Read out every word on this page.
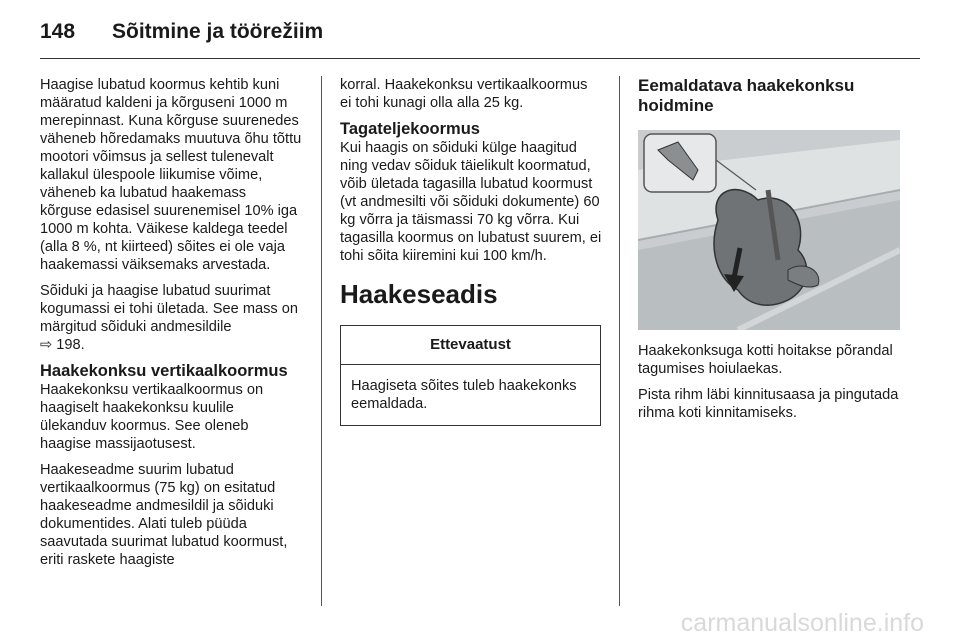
148 Sõitmine ja töörežiim

Haagise lubatud koormus kehtib kuni määratud kaldeni ja kõrguseni 1000 m merepinnast. Kuna kõrguse suurenedes väheneb hõredamaks muutuva õhu tõttu mootori võimsus ja sellest tulenevalt kallakul ülespoole liikumise võime, väheneb ka lubatud haakemass kõrguse edasisel suurenemisel 10% iga 1000 m kohta. Väikese kaldega teedel (alla 8 %, nt kiirteed) sõites ei ole vaja haakemassi väiksemaks arvestada.

Sõiduki ja haagise lubatud suurimat kogumassi ei tohi ületada. See mass on märgitud sõiduki andmesildile
⇨ 198.

Haakekonksu vertikaalkoormus

Haakekonksu vertikaalkoormus on haagiselt haakekonksu kuulile ülekanduv koormus. See oleneb haagise massijaotusest.

Haakeseadme suurim lubatud vertikaalkoormus (75 kg) on esitatud haakeseadme andmesildil ja sõiduki dokumentides. Alati tuleb püüda saavutada suurimat lubatud koormust, eriti raskete haagiste

korral. Haakekonksu vertikaalkoormus ei tohi kunagi olla alla 25 kg.

Tagateljekoormus

Kui haagis on sõiduki külge haagitud ning vedav sõiduk täielikult koormatud, võib ületada tagasilla lubatud koormust (vt andmesilti või sõiduki dokumente) 60 kg võrra ja täismassi 70 kg võrra. Kui tagasilla koormus on lubatust suurem, ei tohi sõita kiiremini kui 100 km/h.

Haakeseadis
Ettevaatust
Haagiseta sõites tuleb haakekonks eemaldada.
Eemaldatava haakekonksu hoidmine

Haakekonksuga kotti hoitakse põrandal tagumises hoiulaekas.

Pista rihm läbi kinnitusaasa ja pingutada rihma koti kinnitamiseks.

carmanualsonline.info
